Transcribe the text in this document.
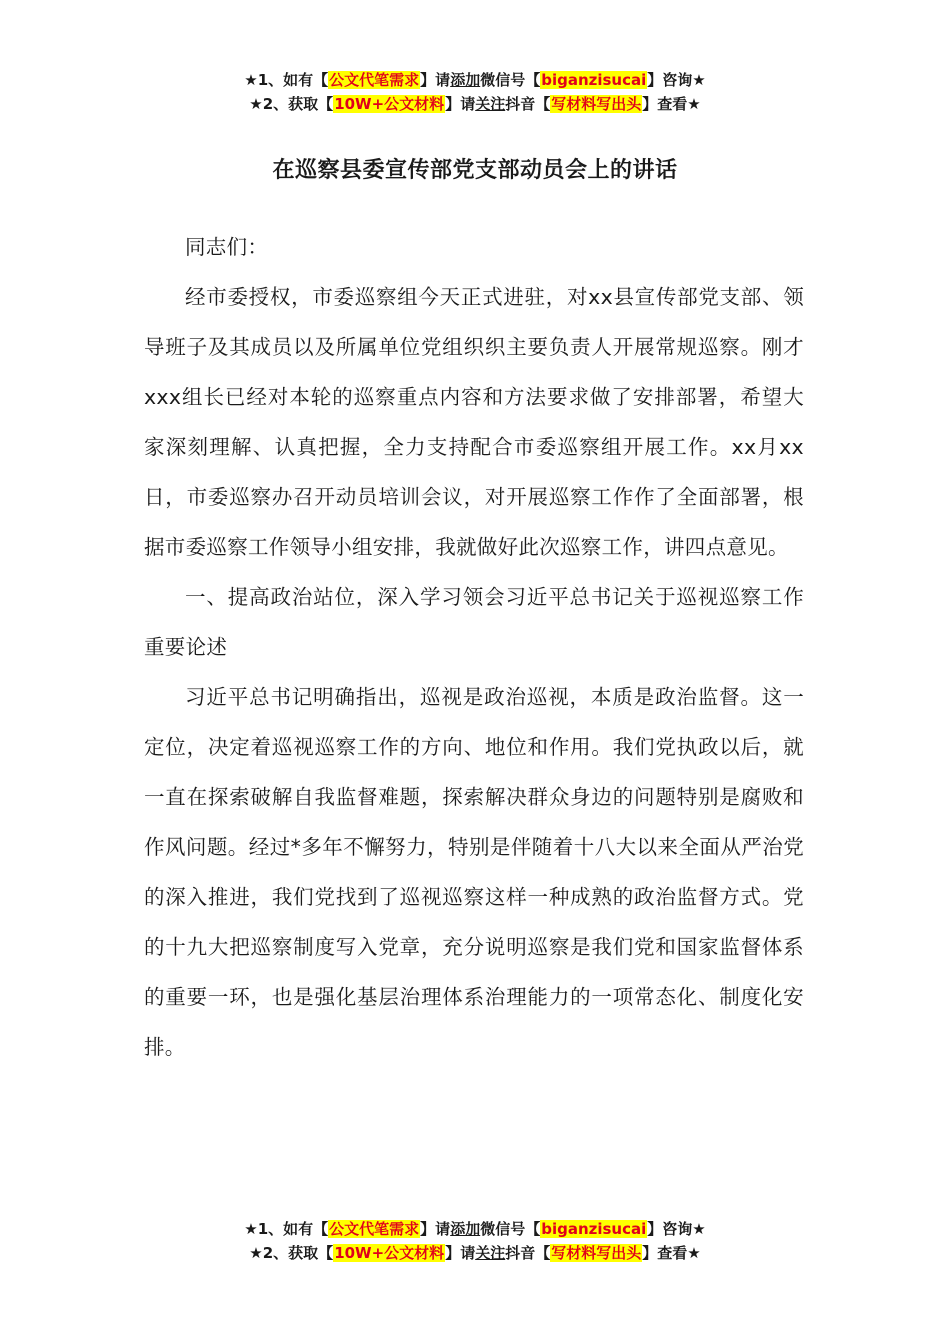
★1、如有【公文代笔需求】请添加微信号【biganzisucai】咨询★
★2、获取【10W+公文材料】请关注抖音【写材料写出头】查看★
在巡察县委宣传部党支部动员会上的讲话

同志们：

经市委授权，市委巡察组今天正式进驻，对xx县宣传部党支部、领导班子及其成员以及所属单位党组织织主要负责人开展常规巡察。刚才xxx组长已经对本轮的巡察重点内容和方法要求做了安排部署，希望大家深刻理解、认真把握，全力支持配合市委巡察组开展工作。xx月xx日，市委巡察办召开动员培训会议，对开展巡察工作作了全面部署，根据市委巡察工作领导小组安排，我就做好此次巡察工作，讲四点意见。

一、提高政治站位，深入学习领会习近平总书记关于巡视巡察工作重要论述

习近平总书记明确指出，巡视是政治巡视，本质是政治监督。这一定位，决定着巡视巡察工作的方向、地位和作用。我们党执政以后，就一直在探索破解自我监督难题，探索解决群众身边的问题特别是腐败和作风问题。经过*多年不懈努力，特别是伴随着十八大以来全面从严治党的深入推进，我们党找到了巡视巡察这样一种成熟的政治监督方式。党的十九大把巡察制度写入党章，充分说明巡察是我们党和国家监督体系的重要一环，也是强化基层治理体系治理能力的一项常态化、制度化安排。

★1、如有【公文代笔需求】请添加微信号【biganzisucai】咨询★
★2、获取【10W+公文材料】请关注抖音【写材料写出头】查看★
